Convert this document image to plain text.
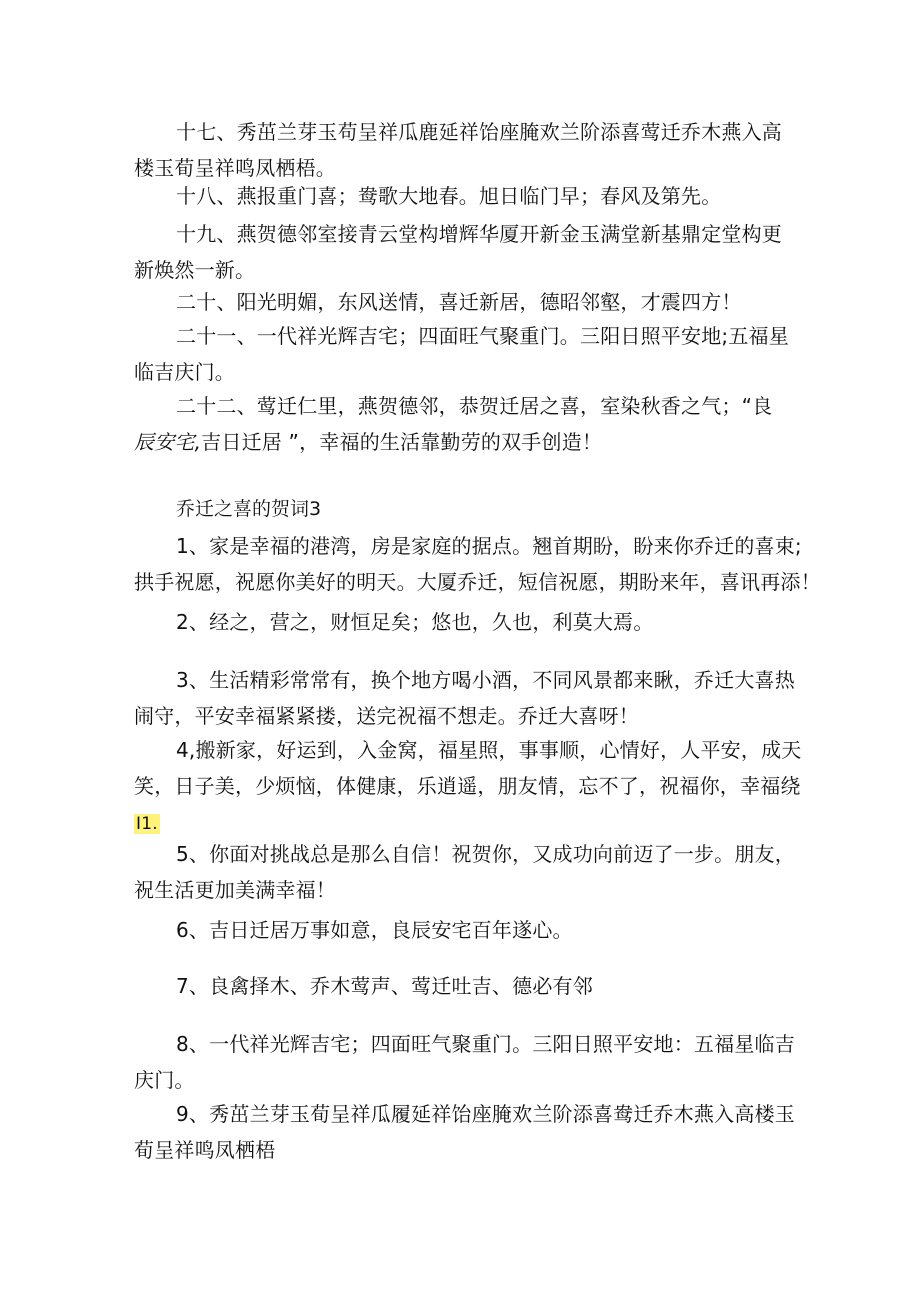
十七、秀茁兰芽玉苟呈祥瓜鹿延祥饴座腌欢兰阶添喜莺迁乔木燕入高
楼玉荀呈祥鸣凤栖梧。
十八、燕报重门喜；鸯歌大地春。旭日临门早；春风及第先。
十九、燕贺德邻室接青云堂构增辉华厦开新金玉满堂新基鼎定堂构更
新焕然一新。
二十、阳光明媚，东风送情，喜迁新居，德昭邻壑，才震四方！
二十一、一代祥光辉吉宅；四面旺气聚重门。三阳日照平安地;五福星
临吉庆门。
二十二、莺迁仁里，燕贺德邻，恭贺迁居之喜，室染秋香之气；“良
辰安宅,吉日迁居 ”，幸福的生活靠勤劳的双手创造！
乔迁之喜的贺词3
1、家是幸福的港湾，房是家庭的据点。翘首期盼，盼来你乔迁的喜束;
拱手祝愿，祝愿你美好的明天。大厦乔迁，短信祝愿，期盼来年，喜讯再添！
2、经之，营之，财恒足矣；悠也，久也，利莫大焉。
3、生活精彩常常有，换个地方喝小酒，不同风景都来瞅，乔迁大喜热
闹守，平安幸福紧紧搂，送完祝福不想走。乔迁大喜呀！
4,搬新家，好运到，入金窝，福星照，事事顺，心情好，人平安，成天
笑，日子美，少烦恼，体健康，乐逍遥，朋友情，忘不了，祝福你，幸福绕
I1.
5、你面对挑战总是那么自信！祝贺你，又成功向前迈了一步。朋友，
祝生活更加美满幸福！
6、吉日迁居万事如意，良辰安宅百年遂心。
7、良禽择木、乔木莺声、莺迁吐吉、德必有邻
8、一代祥光辉吉宅；四面旺气聚重门。三阳日照平安地：五福星临吉
庆门。
9、秀茁兰芽玉荀呈祥瓜履延祥饴座腌欢兰阶添喜鸯迁乔木燕入高楼玉
荀呈祥鸣凤栖梧
